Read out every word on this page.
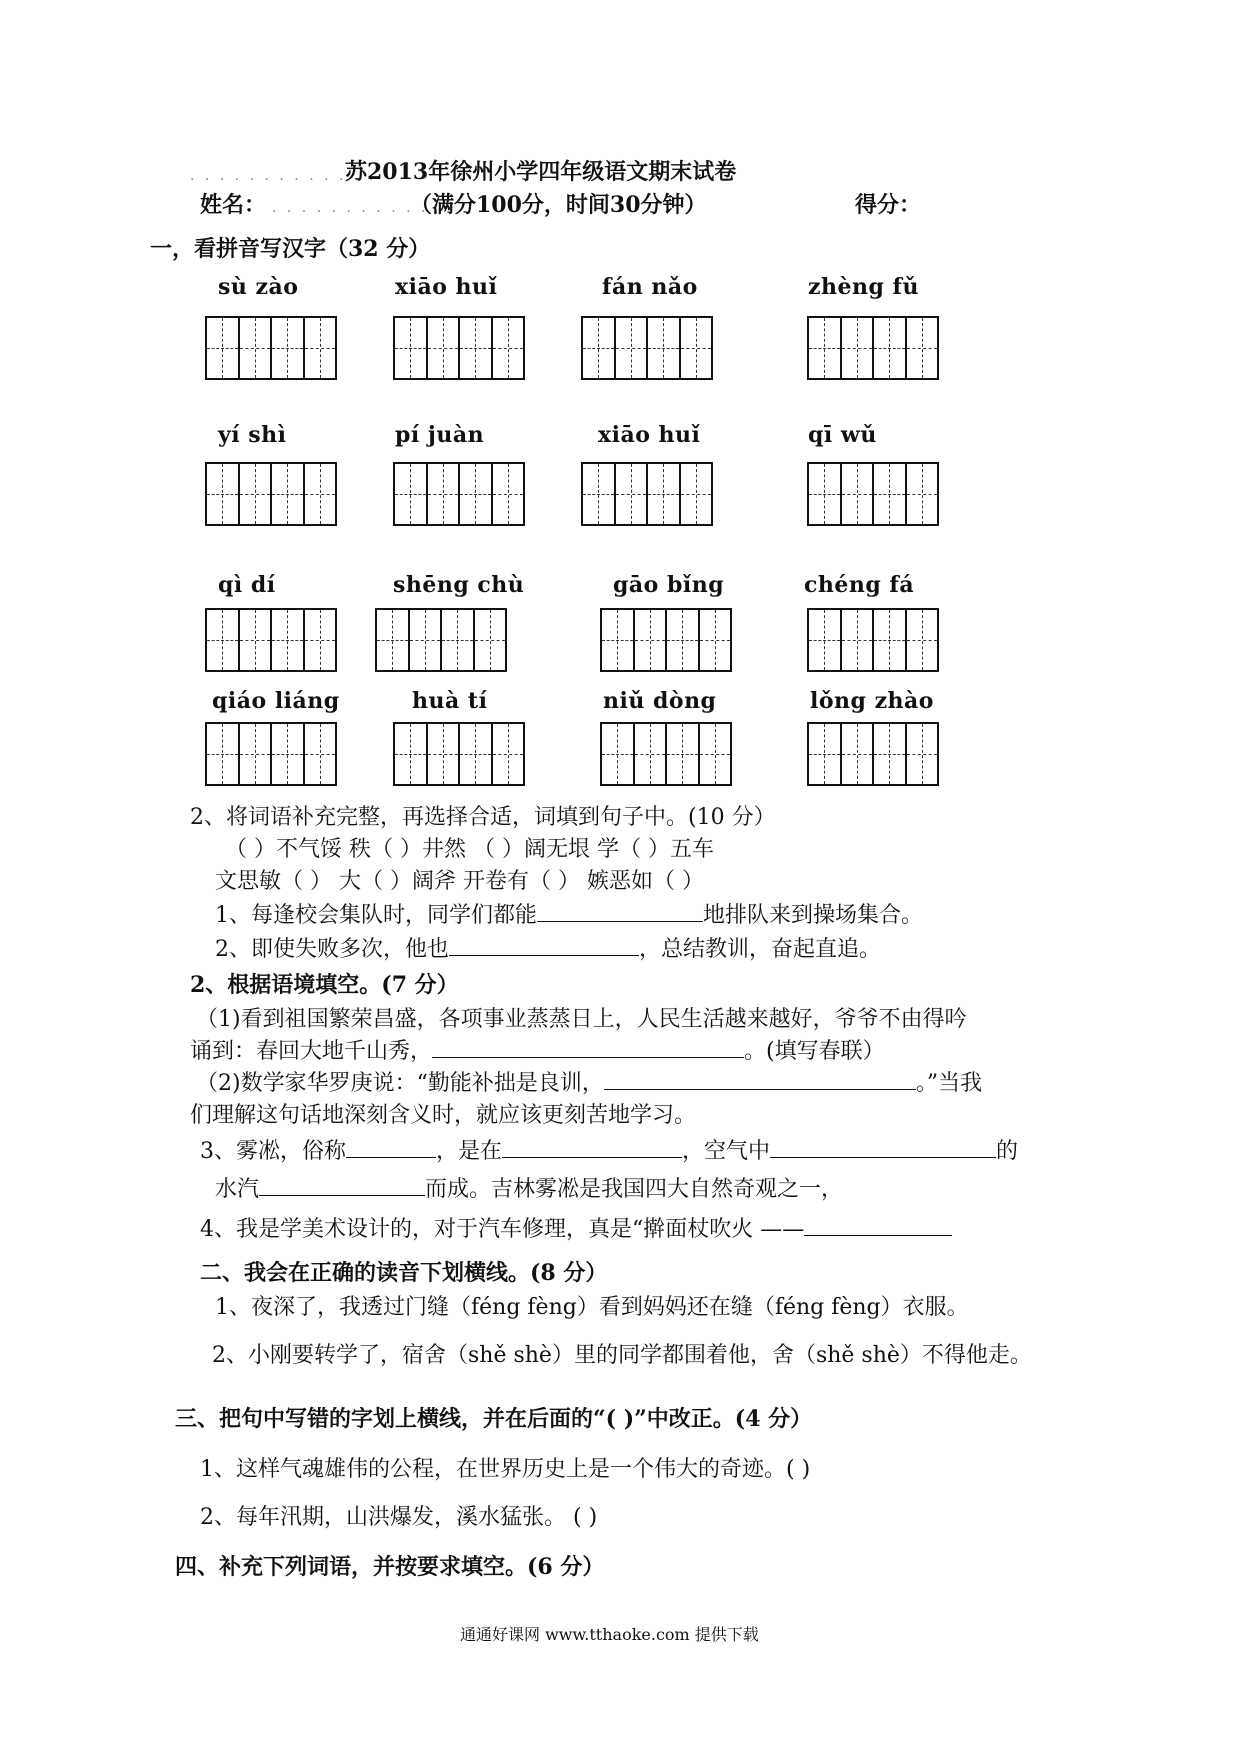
. . . . . . . . . . . . .
苏2013年徐州小学四年级语文期末试卷
姓名： . . . . . . . . . . .
（满分100分，时间30分钟）	得分：
一，看拼音写汉字（32 分）
sù zào	xiāo huǐ	fán nǎo	zhèng fǔ
yí shì	pí juàn	xiāo huǐ	qī wǔ
qì dí	shēng chù	gāo bǐng	chéng fá
qiáo liáng	huà tí	niǔ dòng	lǒng zhào
2、将词语补充完整，再选择合适，词填到句子中。(10 分）
（ ）不气馁 秩（ ）井然 （ ）阔无垠 学（ ）五车
文思敏（ ） 大（ ）阔斧 开卷有（ ） 嫉恶如（ ）
1、每逢校会集队时，同学们都能	地排队来到操场集合。
2、即使失败多次，他也	，总结教训，奋起直追。
2、根据语境填空。(7 分）
（1)看到祖国繁荣昌盛，各项事业蒸蒸日上，人民生活越来越好，爷爷不由得吟
诵到：春回大地千山秀，	。(填写春联）
（2)数学家华罗庚说：“勤能补拙是良训，	。”当我
们理解这句话地深刻含义时，就应该更刻苦地学习。
3、雾凇，俗称	，是在	，空气中	的
水汽	而成。吉林雾凇是我国四大自然奇观之一，
4、我是学美术设计的，对于汽车修理，真是“擀面杖吹火 ——
二、我会在正确的读音下划横线。(8 分）
1、夜深了，我透过门缝（féng fèng）看到妈妈还在缝（féng fèng）衣服。
2、小刚要转学了，宿舍（shě shè）里的同学都围着他，舍（shě shè）不得他走。
三、把句中写错的字划上横线，并在后面的“( )”中改正。(4 分）
1、这样气魂雄伟的公程，在世界历史上是一个伟大的奇迹。( )
2、每年汛期，山洪爆发，溪水猛张。 ( )
四、补充下列词语，并按要求填空。(6 分）
通通好课网 www.tthaoke.com 提供下载
